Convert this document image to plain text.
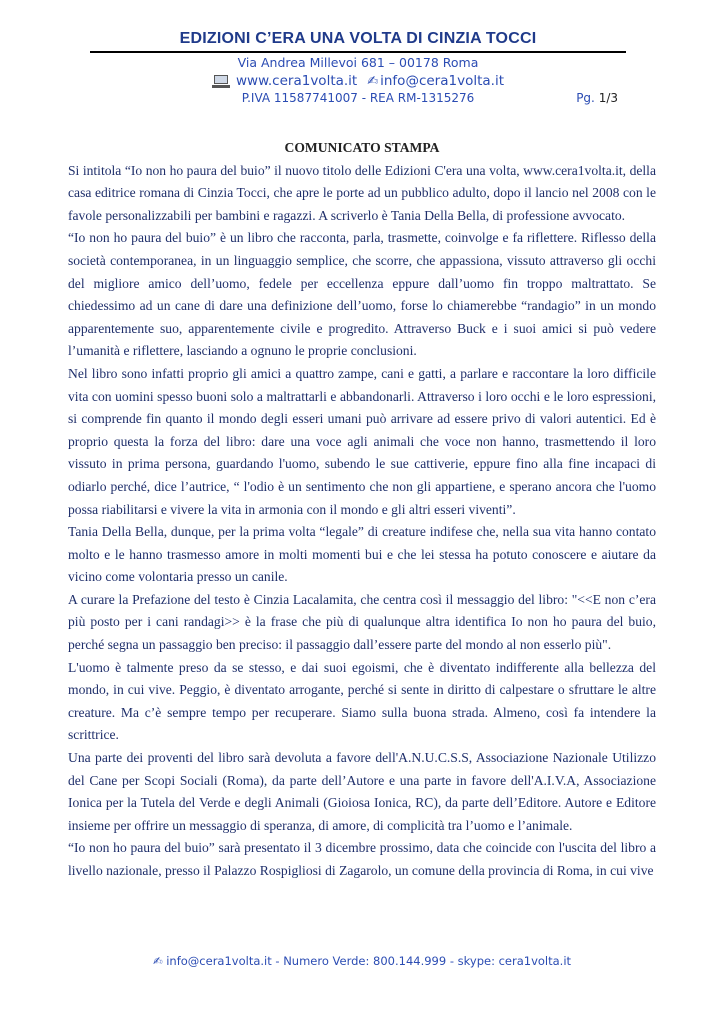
EDIZIONI C’ERA UNA VOLTA DI CINZIA TOCCI
Via Andrea Millevoi 681 – 00178 Roma
www.cera1volta.it ✍ info@cera1volta.it
P.IVA 11587741007 - REA RM-1315276	Pg. 1/3
COMUNICATO STAMPA

Si intitola “Io non ho paura del buio” il nuovo titolo delle Edizioni C'era una volta, www.cera1volta.it, della casa editrice romana di Cinzia Tocci, che apre le porte ad un pubblico adulto, dopo il lancio nel 2008 con le favole personalizzabili per bambini e ragazzi. A scriverlo è Tania Della Bella, di professione avvocato.

“Io non ho paura del buio” è un libro che racconta, parla, trasmette, coinvolge e fa riflettere. Riflesso della società contemporanea, in un linguaggio semplice, che scorre, che appassiona, vissuto attraverso gli occhi del migliore amico dell’uomo, fedele per eccellenza eppure dall’uomo fin troppo maltrattato. Se chiedessimo ad un cane di dare una definizione dell’uomo, forse lo chiamerebbe “randagio” in un mondo apparentemente suo, apparentemente civile e progredito. Attraverso Buck e i suoi amici si può vedere l’umanità e riflettere, lasciando a ognuno le proprie conclusioni.

Nel libro sono infatti proprio gli amici a quattro zampe, cani e gatti, a parlare e raccontare la loro difficile vita con uomini spesso buoni solo a maltrattarli e abbandonarli. Attraverso i loro occhi e le loro espressioni, si comprende fin quanto il mondo degli esseri umani può arrivare ad essere privo di valori autentici. Ed è proprio questa la forza del libro: dare una voce agli animali che voce non hanno, trasmettendo il loro vissuto in prima persona, guardando l'uomo, subendo le sue cattiverie, eppure fino alla fine incapaci di odiarlo perché, dice l’autrice, “ l'odio è un sentimento che non gli appartiene, e sperano ancora che l'uomo possa riabilitarsi e vivere la vita in armonia con il mondo e gli altri esseri viventi”.

Tania Della Bella, dunque, per la prima volta “legale” di creature indifese che, nella sua vita hanno contato molto e le hanno trasmesso amore in molti momenti bui e che lei stessa ha potuto conoscere e aiutare da vicino come volontaria presso un canile.

A curare la Prefazione del testo è Cinzia Lacalamita, che centra così il messaggio del libro: "<<E non c’era più posto per i cani randagi>> è la frase che più di qualunque altra identifica Io non ho paura del buio, perché segna un passaggio ben preciso: il passaggio dall’essere parte del mondo al non esserlo più".

L'uomo è talmente preso da se stesso, e dai suoi egoismi, che è diventato indifferente alla bellezza del mondo, in cui vive. Peggio, è diventato arrogante, perché si sente in diritto di calpestare o sfruttare le altre creature. Ma c’è sempre tempo per recuperare. Siamo sulla buona strada. Almeno, così fa intendere la scrittrice.

Una parte dei proventi del libro sarà devoluta a favore dell'A.N.U.C.S.S, Associazione Nazionale Utilizzo del Cane per Scopi Sociali (Roma), da parte dell’Autore e una parte in favore dell'A.I.V.A, Associazione Ionica per la Tutela del Verde e degli Animali (Gioiosa Ionica, RC), da parte dell’Editore. Autore e Editore insieme per offrire un messaggio di speranza, di amore, di complicità tra l’uomo e l’animale.

“Io non ho paura del buio” sarà presentato il 3 dicembre prossimo, data che coincide con l'uscita del libro a livello nazionale, presso il Palazzo Rospigliosi di Zagarolo, un comune della provincia di Roma, in cui vive

✍ info@cera1volta.it - Numero Verde: 800.144.999 - skype: cera1volta.it
